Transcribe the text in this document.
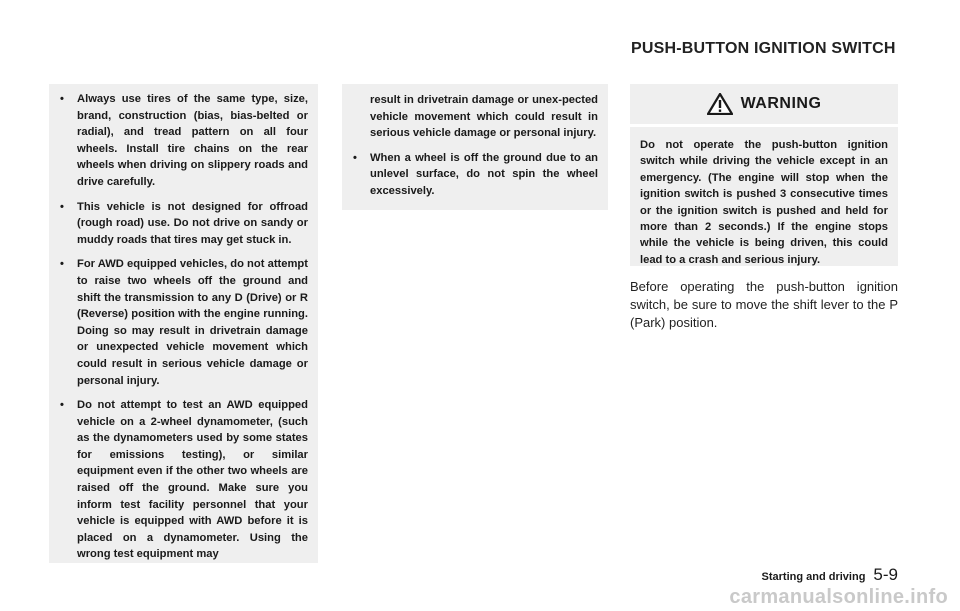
PUSH-BUTTON IGNITION SWITCH
• Always use tires of the same type, size, brand, construction (bias, bias-belted or radial), and tread pattern on all four wheels. Install tire chains on the rear wheels when driving on slippery roads and drive carefully.
• This vehicle is not designed for offroad (rough road) use. Do not drive on sandy or muddy roads that tires may get stuck in.
• For AWD equipped vehicles, do not attempt to raise two wheels off the ground and shift the transmission to any D (Drive) or R (Reverse) position with the engine running. Doing so may result in drivetrain damage or unexpected vehicle movement which could result in serious vehicle damage or personal injury.
• Do not attempt to test an AWD equipped vehicle on a 2-wheel dynamometer, (such as the dynamometers used by some states for emissions testing), or similar equipment even if the other two wheels are raised off the ground. Make sure you inform test facility personnel that your vehicle is equipped with AWD before it is placed on a dynamometer. Using the wrong test equipment may

result in drivetrain damage or unex-pected vehicle movement which could result in serious vehicle damage or personal injury.

• When a wheel is off the ground due to an unlevel surface, do not spin the wheel excessively.
WARNING
Do not operate the push-button ignition switch while driving the vehicle except in an emergency. (The engine will stop when the ignition switch is pushed 3 consecutive times or the ignition switch is pushed and held for more than 2 seconds.) If the engine stops while the vehicle is being driven, this could lead to a crash and serious injury.
Before operating the push-button ignition switch, be sure to move the shift lever to the P (Park) position.
Starting and driving 5-9
carmanualsonline.info
